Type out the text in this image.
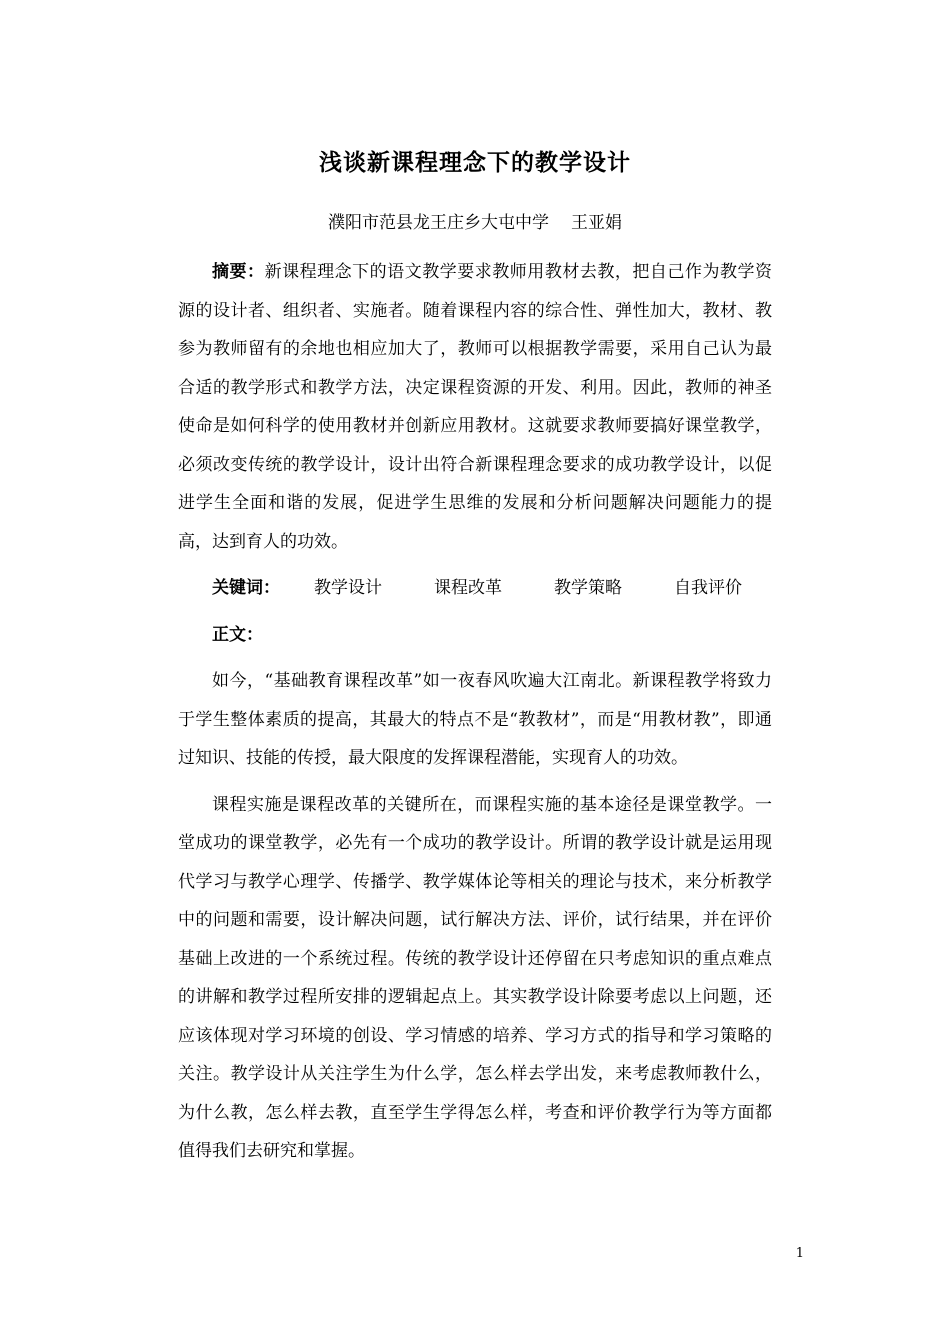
浅谈新课程理念下的教学设计
濮阳市范县龙王庄乡大屯中学 王亚娟

摘要：新课程理念下的语文教学要求教师用教材去教，把自己作为教学资源的设计者、组织者、实施者。随着课程内容的综合性、弹性加大，教材、教参为教师留有的余地也相应加大了，教师可以根据教学需要，采用自己认为最合适的教学形式和教学方法，决定课程资源的开发、利用。因此，教师的神圣使命是如何科学的使用教材并创新应用教材。这就要求教师要搞好课堂教学，必须改变传统的教学设计，设计出符合新课程理念要求的成功教学设计，以促进学生全面和谐的发展，促进学生思维的发展和分析问题解决问题能力的提高，达到育人的功效。

关键词： 教学设计	课程改革	教学策略	自我评价

正文：

如今，“基础教育课程改革”如一夜春风吹遍大江南北。新课程教学将致力于学生整体素质的提高，其最大的特点不是“教教材”，而是“用教材教”，即通过知识、技能的传授，最大限度的发挥课程潜能，实现育人的功效。

课程实施是课程改革的关键所在，而课程实施的基本途径是课堂教学。一堂成功的课堂教学，必先有一个成功的教学设计。所谓的教学设计就是运用现代学习与教学心理学、传播学、教学媒体论等相关的理论与技术，来分析教学中的问题和需要，设计解决问题，试行解决方法、评价，试行结果，并在评价基础上改进的一个系统过程。传统的教学设计还停留在只考虑知识的重点难点的讲解和教学过程所安排的逻辑起点上。其实教学设计除要考虑以上问题，还应该体现对学习环境的创设、学习情感的培养、学习方式的指导和学习策略的关注。教学设计从关注学生为什么学，怎么样去学出发，来考虑教师教什么，为什么教，怎么样去教，直至学生学得怎么样，考查和评价教学行为等方面都值得我们去研究和掌握。

1
